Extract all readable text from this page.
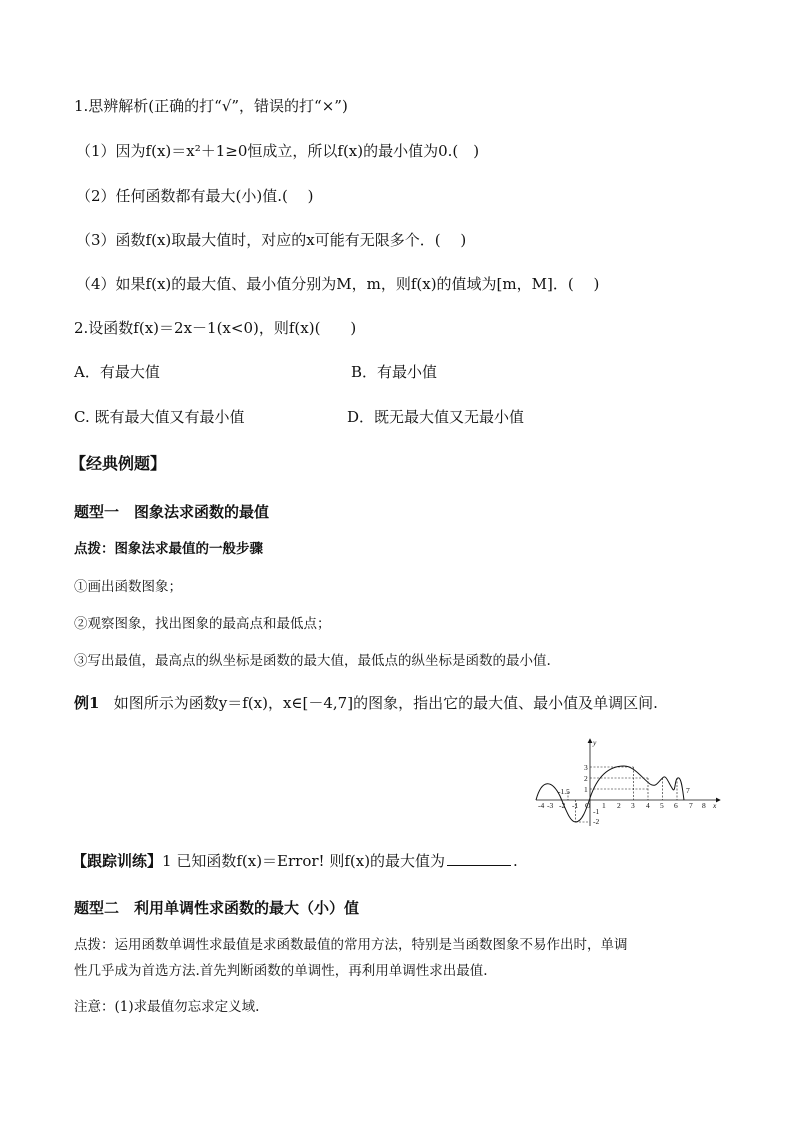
1.思辨解析(正确的打“√”，错误的打“×”)
（1）因为f(x)＝x²＋1≥0恒成立，所以f(x)的最小值为0.(　)
（2）任何函数都有最大(小)值.(　 )
（3）函数f(x)取最大值时，对应的x可能有无限多个．(　 )
（4）如果f(x)的最大值、最小值分别为M，m，则f(x)的值域为[m，M]．(　 )
2.设函数f(x)＝2x－1(x<0)，则f(x)(　　)
A．有最大值	B．有最小值
C. 既有最大值又有最小值	D．既无最大值又无最小值
【经典例题】
题型一　图象法求函数的最值
点拨：图象法求最值的一般步骤
①画出函数图象；
②观察图象，找出图象的最高点和最低点；
③写出最值，最高点的纵坐标是函数的最大值，最低点的纵坐标是函数的最小值.
例1 如图所示为函数y＝f(x)，x∈[－4,7]的图象，指出它的最大值、最小值及单调区间.
-4 -3 -2 -1 O 1 2 3 4 5 6 7 8 x
y
1
2
3
-1
-2
-1.5	7
【跟踪训练】1 已知函数f(x)＝Error! 则f(x)的最大值为	.
题型二　利用单调性求函数的最大（小）值
点拨：运用函数单调性求最值是求函数最值的常用方法，特别是当函数图象不易作出时，单调
性几乎成为首选方法.首先判断函数的单调性，再利用单调性求出最值.
注意：(1)求最值勿忘求定义域.
